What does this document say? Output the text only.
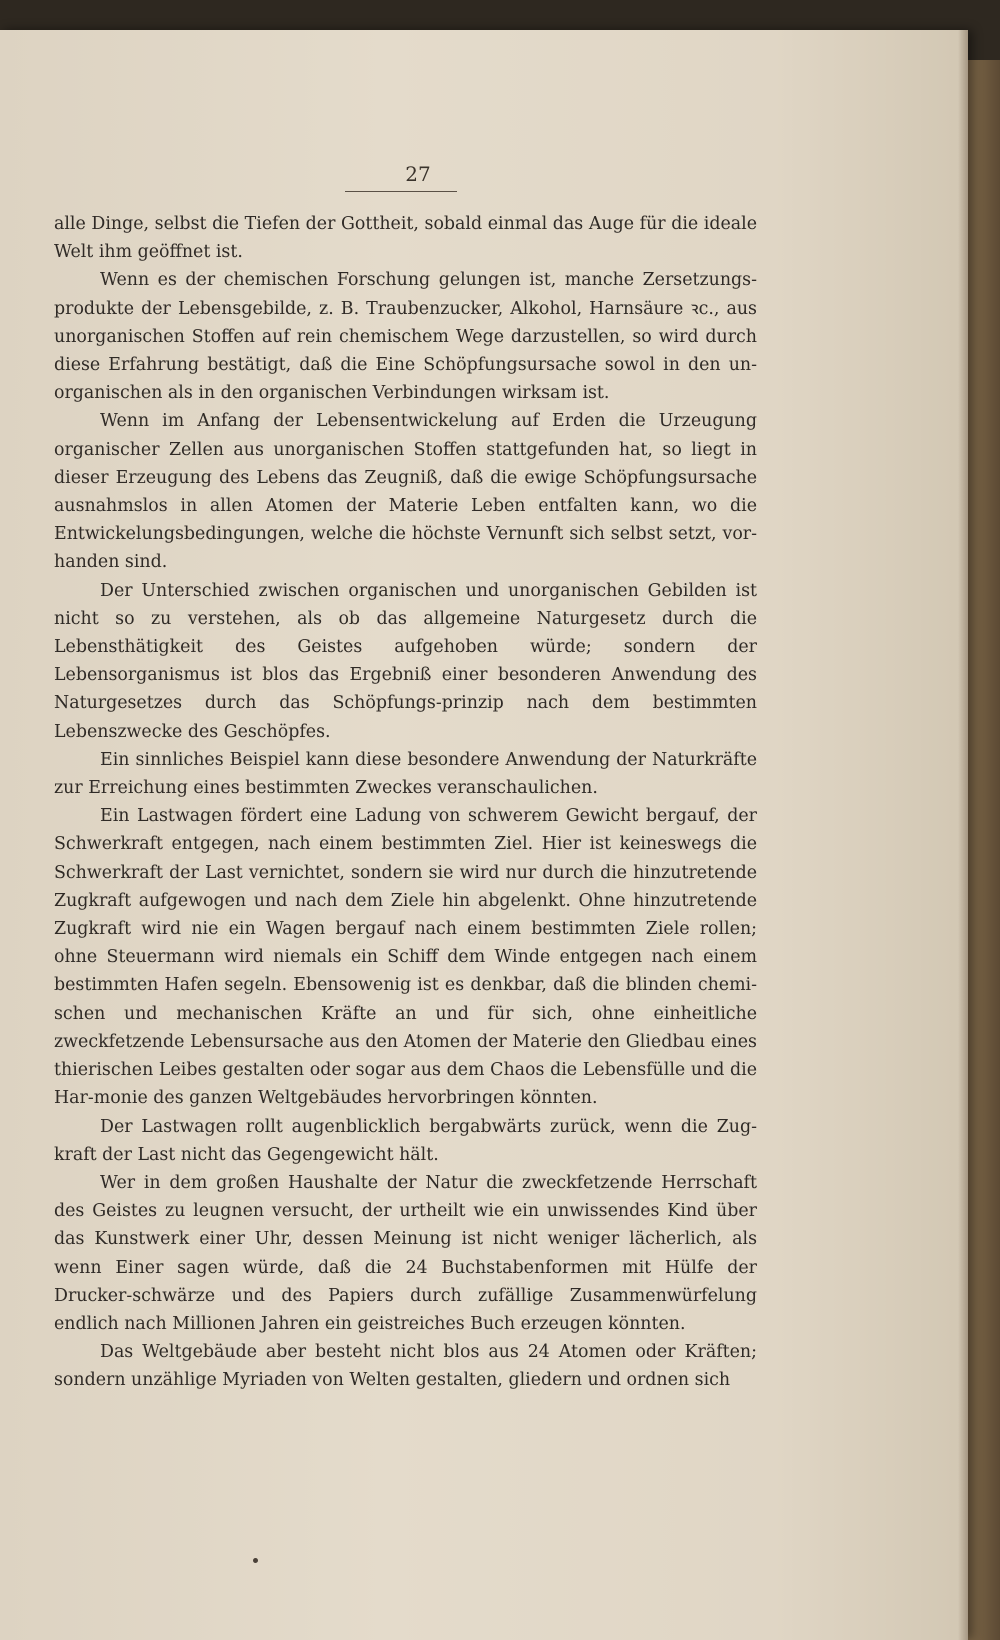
27

alle Dinge, selbst die Tiefen der Gottheit, sobald einmal das Auge für die ideale Welt ihm geöffnet ist.

Wenn es der chemischen Forschung gelungen ist, manche Zersetzungs-produkte der Lebensgebilde, z. B. Traubenzucker, Alkohol, Harnsäure ꝛc., aus unorganischen Stoffen auf rein chemischem Wege darzustellen, so wird durch diese Erfahrung bestätigt, daß die Eine Schöpfungsursache sowol in den un-organischen als in den organischen Verbindungen wirksam ist.

Wenn im Anfang der Lebensentwickelung auf Erden die Urzeugung organischer Zellen aus unorganischen Stoffen stattgefunden hat, so liegt in dieser Erzeugung des Lebens das Zeugniß, daß die ewige Schöpfungsursache ausnahmslos in allen Atomen der Materie Leben entfalten kann, wo die Entwickelungsbedingungen, welche die höchste Vernunft sich selbst setzt, vor-handen sind.

Der Unterschied zwischen organischen und unorganischen Gebilden ist nicht so zu verstehen, als ob das allgemeine Naturgesetz durch die Lebensthätigkeit des Geistes aufgehoben würde; sondern der Lebensorganismus ist blos das Ergebniß einer besonderen Anwendung des Naturgesetzes durch das Schöpfungs-prinzip nach dem bestimmten Lebenszwecke des Geschöpfes.

Ein sinnliches Beispiel kann diese besondere Anwendung der Naturkräfte zur Erreichung eines bestimmten Zweckes veranschaulichen.

Ein Lastwagen fördert eine Ladung von schwerem Gewicht bergauf, der Schwerkraft entgegen, nach einem bestimmten Ziel. Hier ist keineswegs die Schwerkraft der Last vernichtet, sondern sie wird nur durch die hinzutretende Zugkraft aufgewogen und nach dem Ziele hin abgelenkt. Ohne hinzutretende Zugkraft wird nie ein Wagen bergauf nach einem bestimmten Ziele rollen; ohne Steuermann wird niemals ein Schiff dem Winde entgegen nach einem bestimmten Hafen segeln. Ebensowenig ist es denkbar, daß die blinden chemi-schen und mechanischen Kräfte an und für sich, ohne einheitliche zweckfetzende Lebensursache aus den Atomen der Materie den Gliedbau eines thierischen Leibes gestalten oder sogar aus dem Chaos die Lebensfülle und die Har-monie des ganzen Weltgebäudes hervorbringen könnten.

Der Lastwagen rollt augenblicklich bergabwärts zurück, wenn die Zug-kraft der Last nicht das Gegengewicht hält.

Wer in dem großen Haushalte der Natur die zweckfetzende Herrschaft des Geistes zu leugnen versucht, der urtheilt wie ein unwissendes Kind über das Kunstwerk einer Uhr, dessen Meinung ist nicht weniger lächerlich, als wenn Einer sagen würde, daß die 24 Buchstabenformen mit Hülfe der Drucker-schwärze und des Papiers durch zufällige Zusammenwürfelung endlich nach Millionen Jahren ein geistreiches Buch erzeugen könnten.

Das Weltgebäude aber besteht nicht blos aus 24 Atomen oder Kräften; sondern unzählige Myriaden von Welten gestalten, gliedern und ordnen sich
